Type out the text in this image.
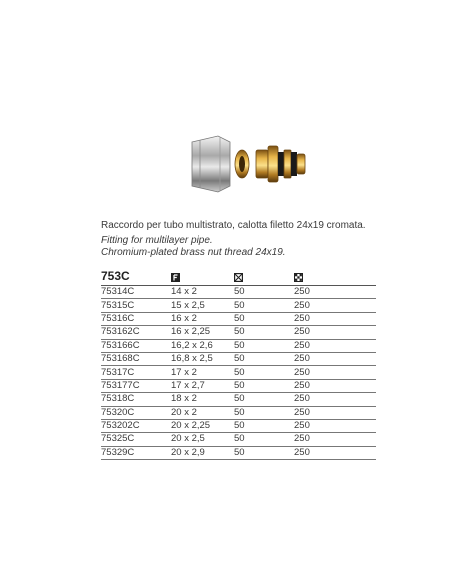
Raccordo per tubo multistrato, calotta filetto 24x19 cromata.
Fitting for multilayer pipe.
Chromium-plated brass nut thread 24x19.
753C			
75314C	14 x 2	50	250
75315C	15 x 2,5	50	250
75316C	16 x 2	50	250
753162C	16 x 2,25	50	250
753166C	16,2 x 2,6	50	250
753168C	16,8 x 2,5	50	250
75317C	17 x 2	50	250
753177C	17 x 2,7	50	250
75318C	18 x 2	50	250
75320C	20 x 2	50	250
753202C	20 x 2,25	50	250
75325C	20 x 2,5	50	250
75329C	20 x 2,9	50	250
